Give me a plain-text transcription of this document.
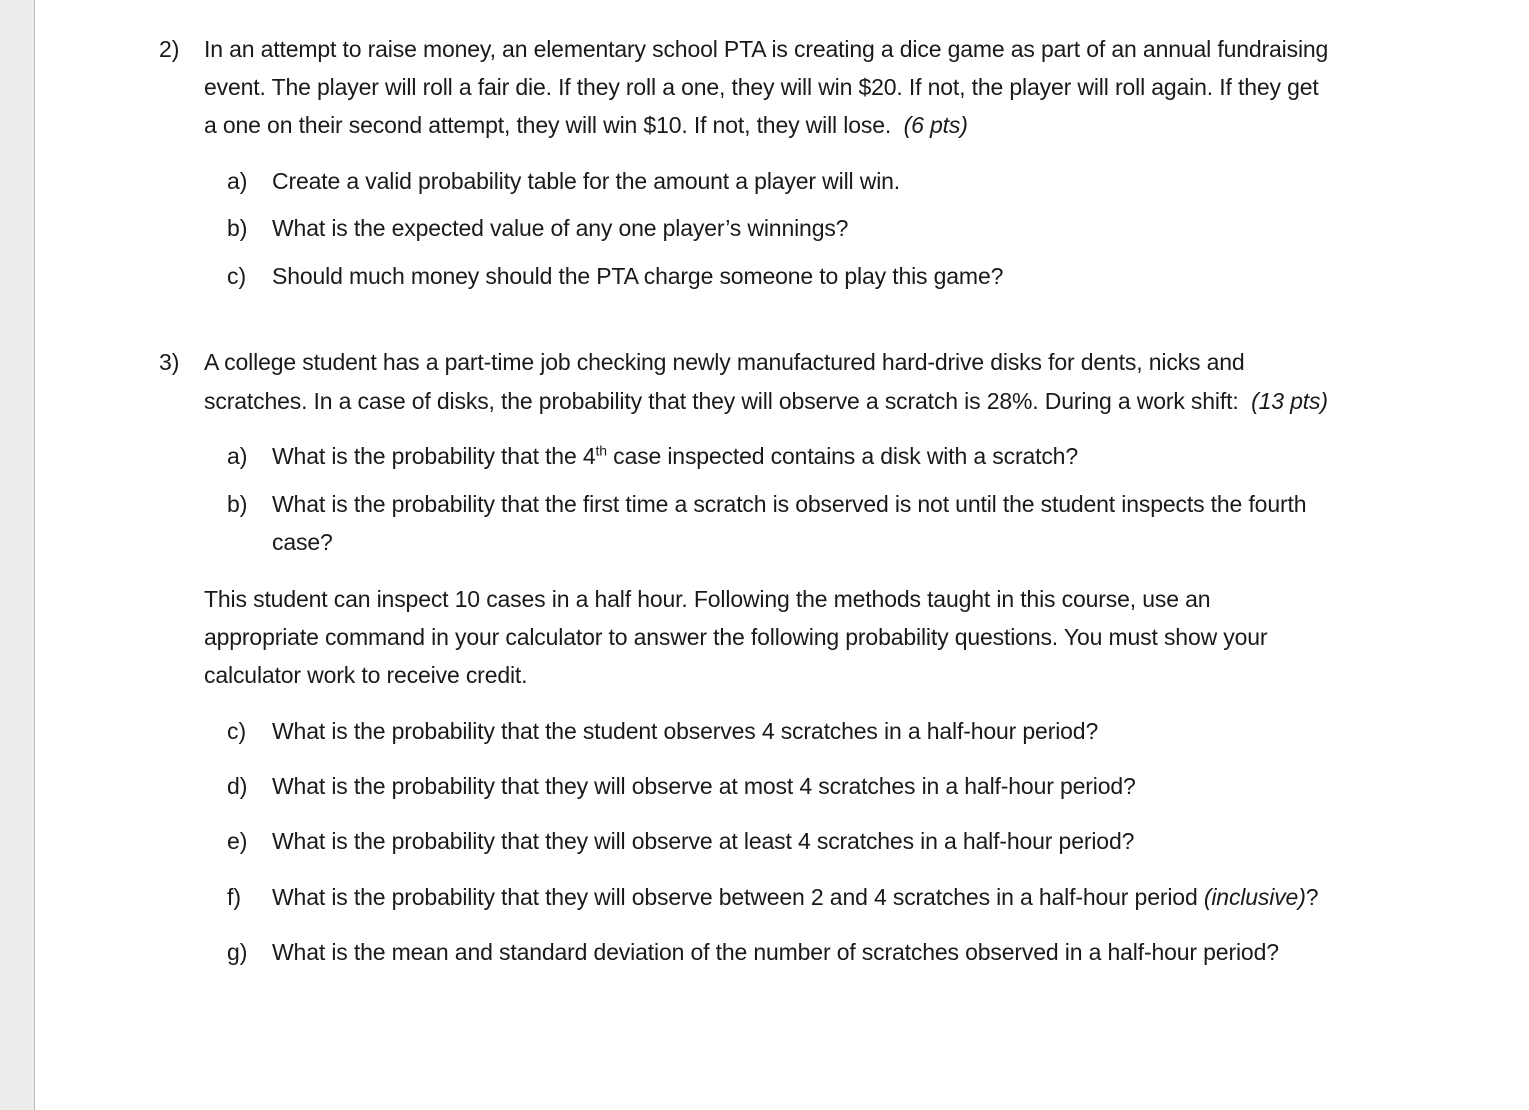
2) In an attempt to raise money, an elementary school PTA is creating a dice game as part of an annual fundraising
event. The player will roll a fair die. If they roll a one, they will win $20. If not, the player will roll again. If they get
a one on their second attempt, they will win $10. If not, they will lose. (6 pts)
a) Create a valid probability table for the amount a player will win.
b) What is the expected value of any one player’s winnings?
c) Should much money should the PTA charge someone to play this game?
3) A college student has a part-time job checking newly manufactured hard-drive disks for dents, nicks and
scratches. In a case of disks, the probability that they will observe a scratch is 28%. During a work shift: (13 pts)
a) What is the probability that the 4th case inspected contains a disk with a scratch?
b) What is the probability that the first time a scratch is observed is not until the student inspects the fourth
case?
This student can inspect 10 cases in a half hour. Following the methods taught in this course, use an
appropriate command in your calculator to answer the following probability questions. You must show your
calculator work to receive credit.
c) What is the probability that the student observes 4 scratches in a half-hour period?
d) What is the probability that they will observe at most 4 scratches in a half-hour period?
e) What is the probability that they will observe at least 4 scratches in a half-hour period?
f) What is the probability that they will observe between 2 and 4 scratches in a half-hour period (inclusive)?
g) What is the mean and standard deviation of the number of scratches observed in a half-hour period?
